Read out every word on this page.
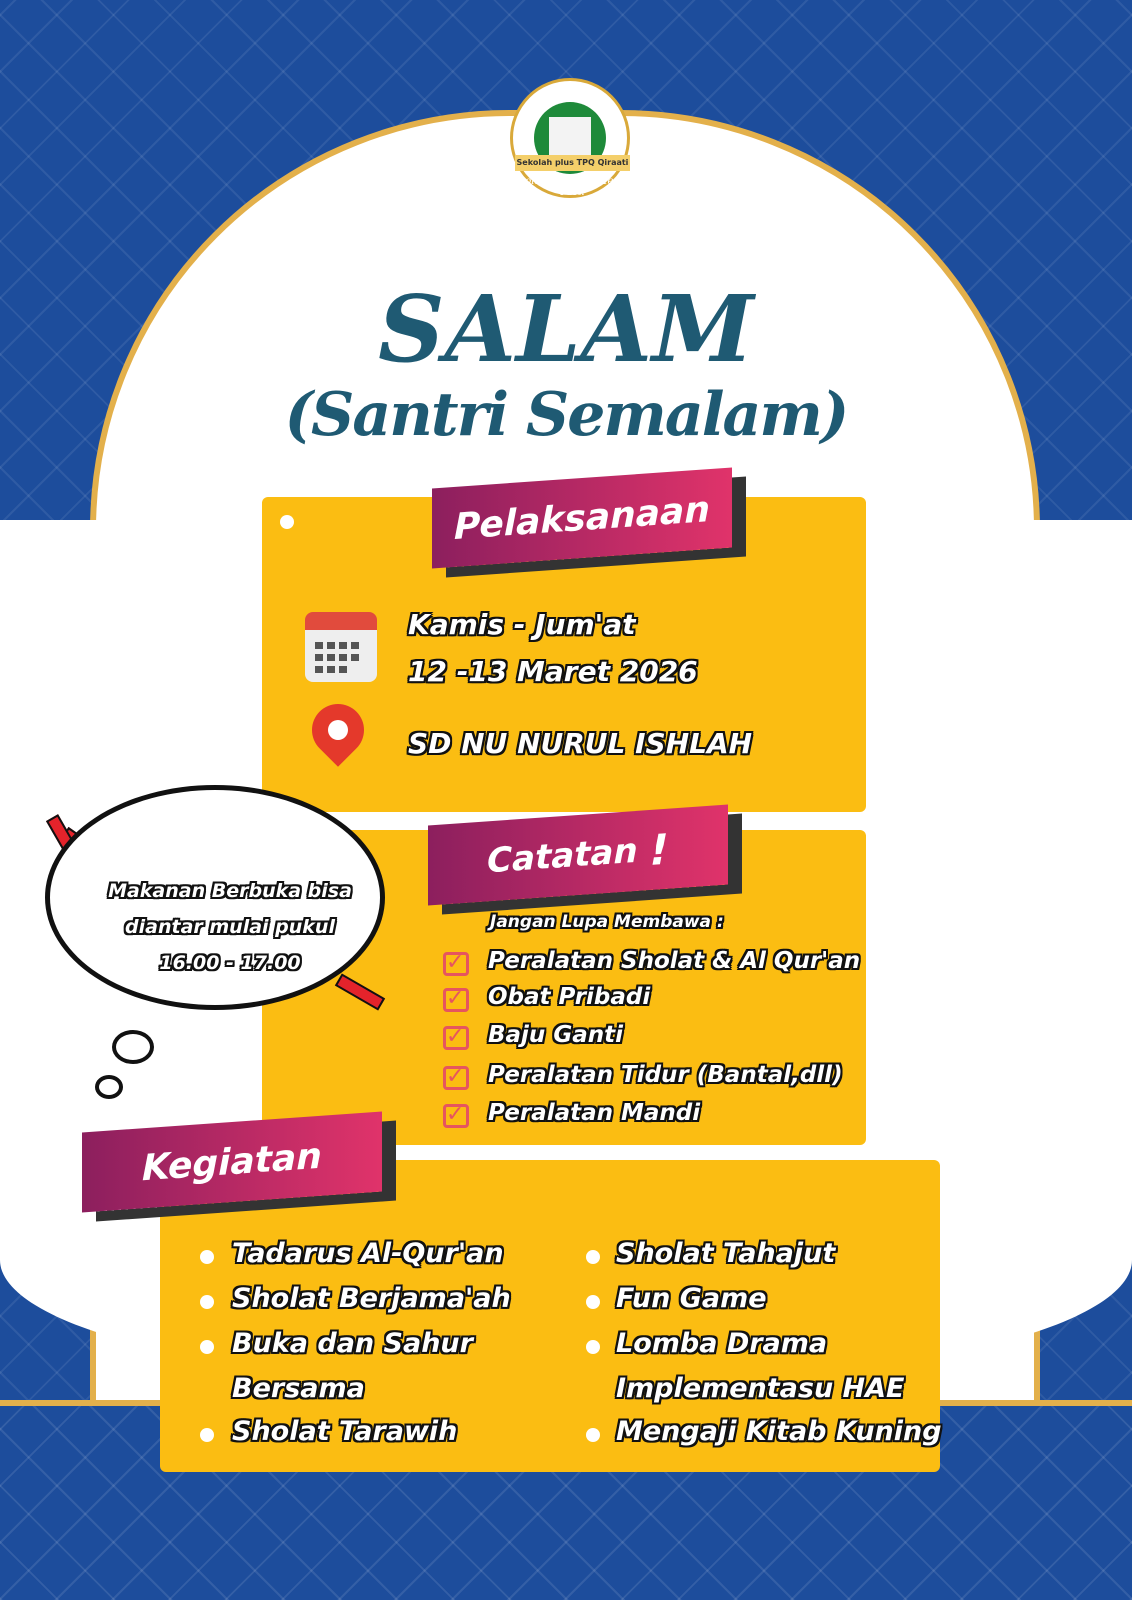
Sekolah plus TPQ Qiraati
Sekolah Prestasi, Mengaji Pasti
SALAM
(Santri Semalam)
Pelaksanaan
Kamis - Jum'at
12 -13 Maret 2026
SD NU NURUL ISHLAH
Catatan !
Jangan Lupa Membawa :
✓ Peralatan Sholat & Al Qur'an
✓ Obat Pribadi
✓ Baju Ganti
✓ Peralatan Tidur (Bantal,dll)
✓ Peralatan Mandi
Makanan Berbuka bisa
diantar mulai pukul
16.00 - 17.00
Kegiatan
Tadarus Al-Qur'an
Sholat Berjama'ah
Buka dan Sahur
Bersama
Sholat Tarawih
Sholat Tahajut
Fun Game
Lomba Drama
Implementasu HAE
Mengaji Kitab Kuning
